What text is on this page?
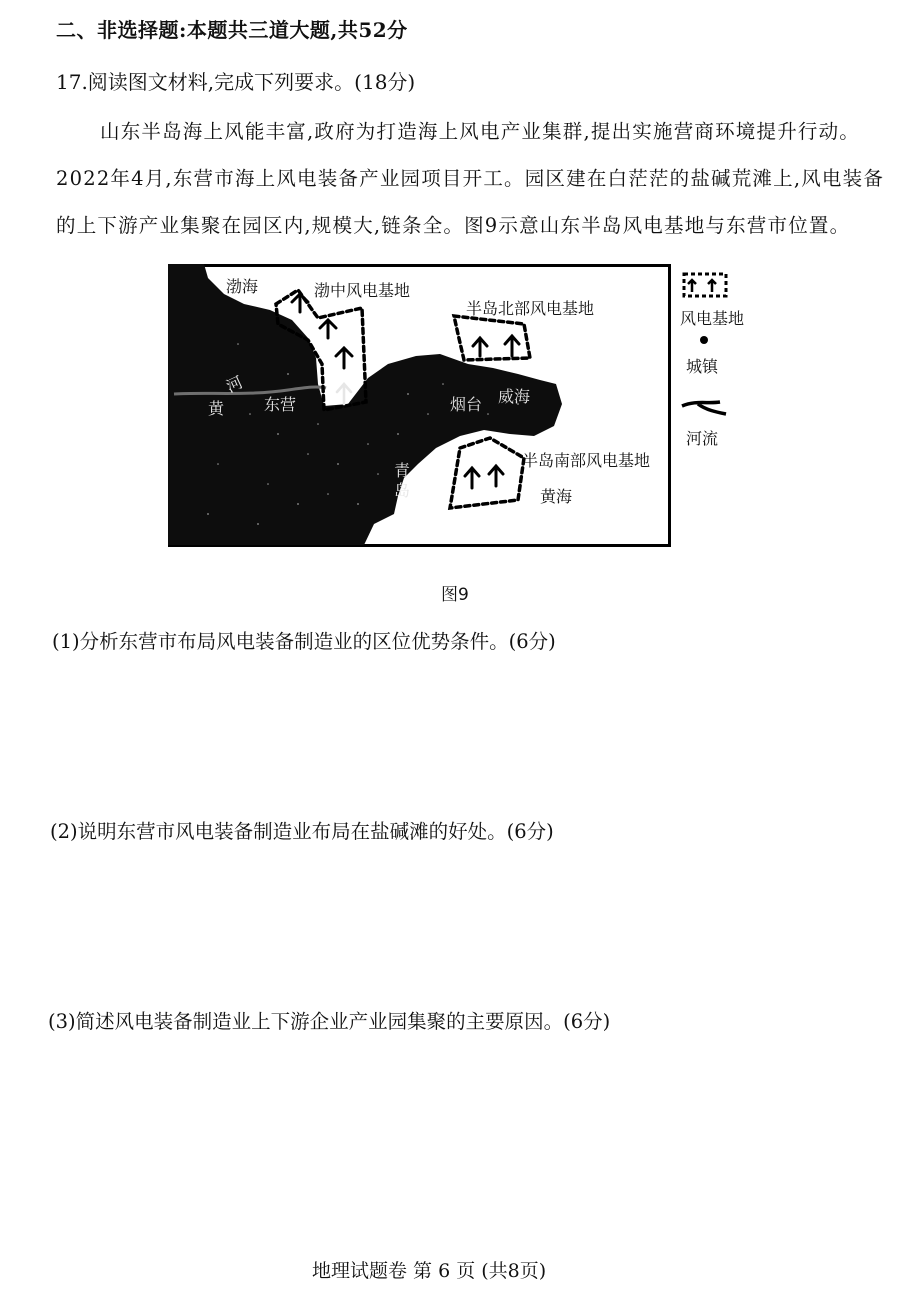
二、非选择题:本题共三道大题,共52分
17.阅读图文材料,完成下列要求。(18分)
山东半岛海上风能丰富,政府为打造海上风电产业集群,提出实施营商环境提升行动。
2022年4月,东营市海上风电装备产业园项目开工。园区建在白茫茫的盐碱荒滩上,风电装备
的上下游产业集聚在园区内,规模大,链条全。图9示意山东半岛风电基地与东营市位置。
渤海	渤中风电基地
半岛北部风电基地
半岛南部风电基地
黄海
黄
河
东营	烟台 威海
青
岛
风电基地
城镇
河流
图9
(1)分析东营市布局风电装备制造业的区位优势条件。(6分)
(2)说明东营市风电装备制造业布局在盐碱滩的好处。(6分)
(3)简述风电装备制造业上下游企业产业园集聚的主要原因。(6分)
地理试题卷 第 6 页 (共8页)
